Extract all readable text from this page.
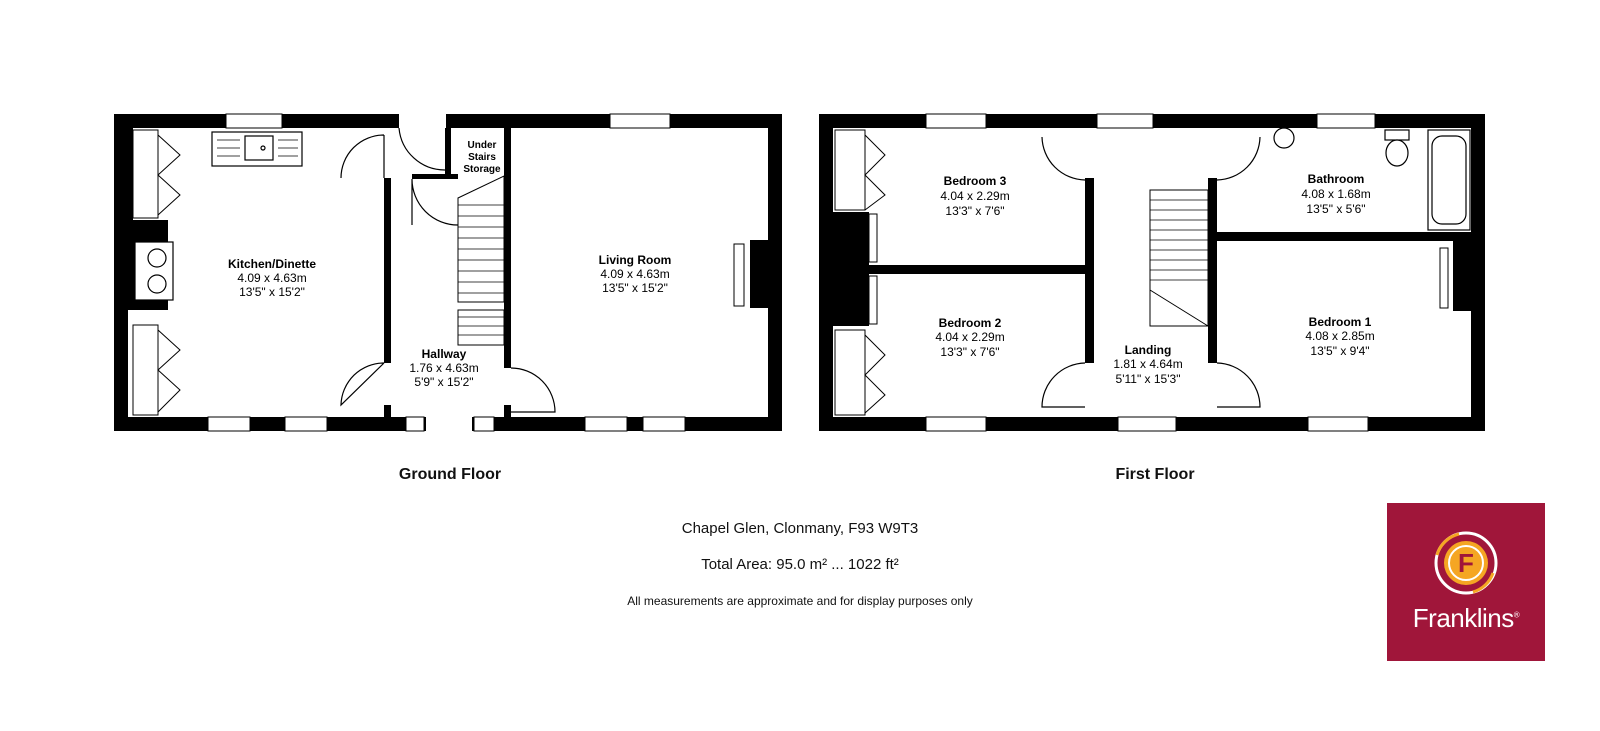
Kitchen/Dinette
4.09 x 4.63m
13'5" x 15'2"
Hallway
1.76 x 4.63m
5'9" x 15'2"
Under
Stairs
Storage
Living Room
4.09 x 4.63m
13'5" x 15'2"
Bedroom 3
4.04 x 2.29m
13'3" x 7'6"
Bedroom 2
4.04 x 2.29m
13'3" x 7'6"	Landing
1.81 x 4.64m
5'11" x 15'3"
Bathroom
4.08 x 1.68m
13'5" x 5'6"
Bedroom 1
4.08 x 2.85m
13'5" x 9'4"
Ground Floor	First Floor
Chapel Glen, Clonmany, F93 W9T3
Total Area: 95.0 m² ... 1022 ft²
All measurements are approximate and for display purposes only
F
Franklins®
